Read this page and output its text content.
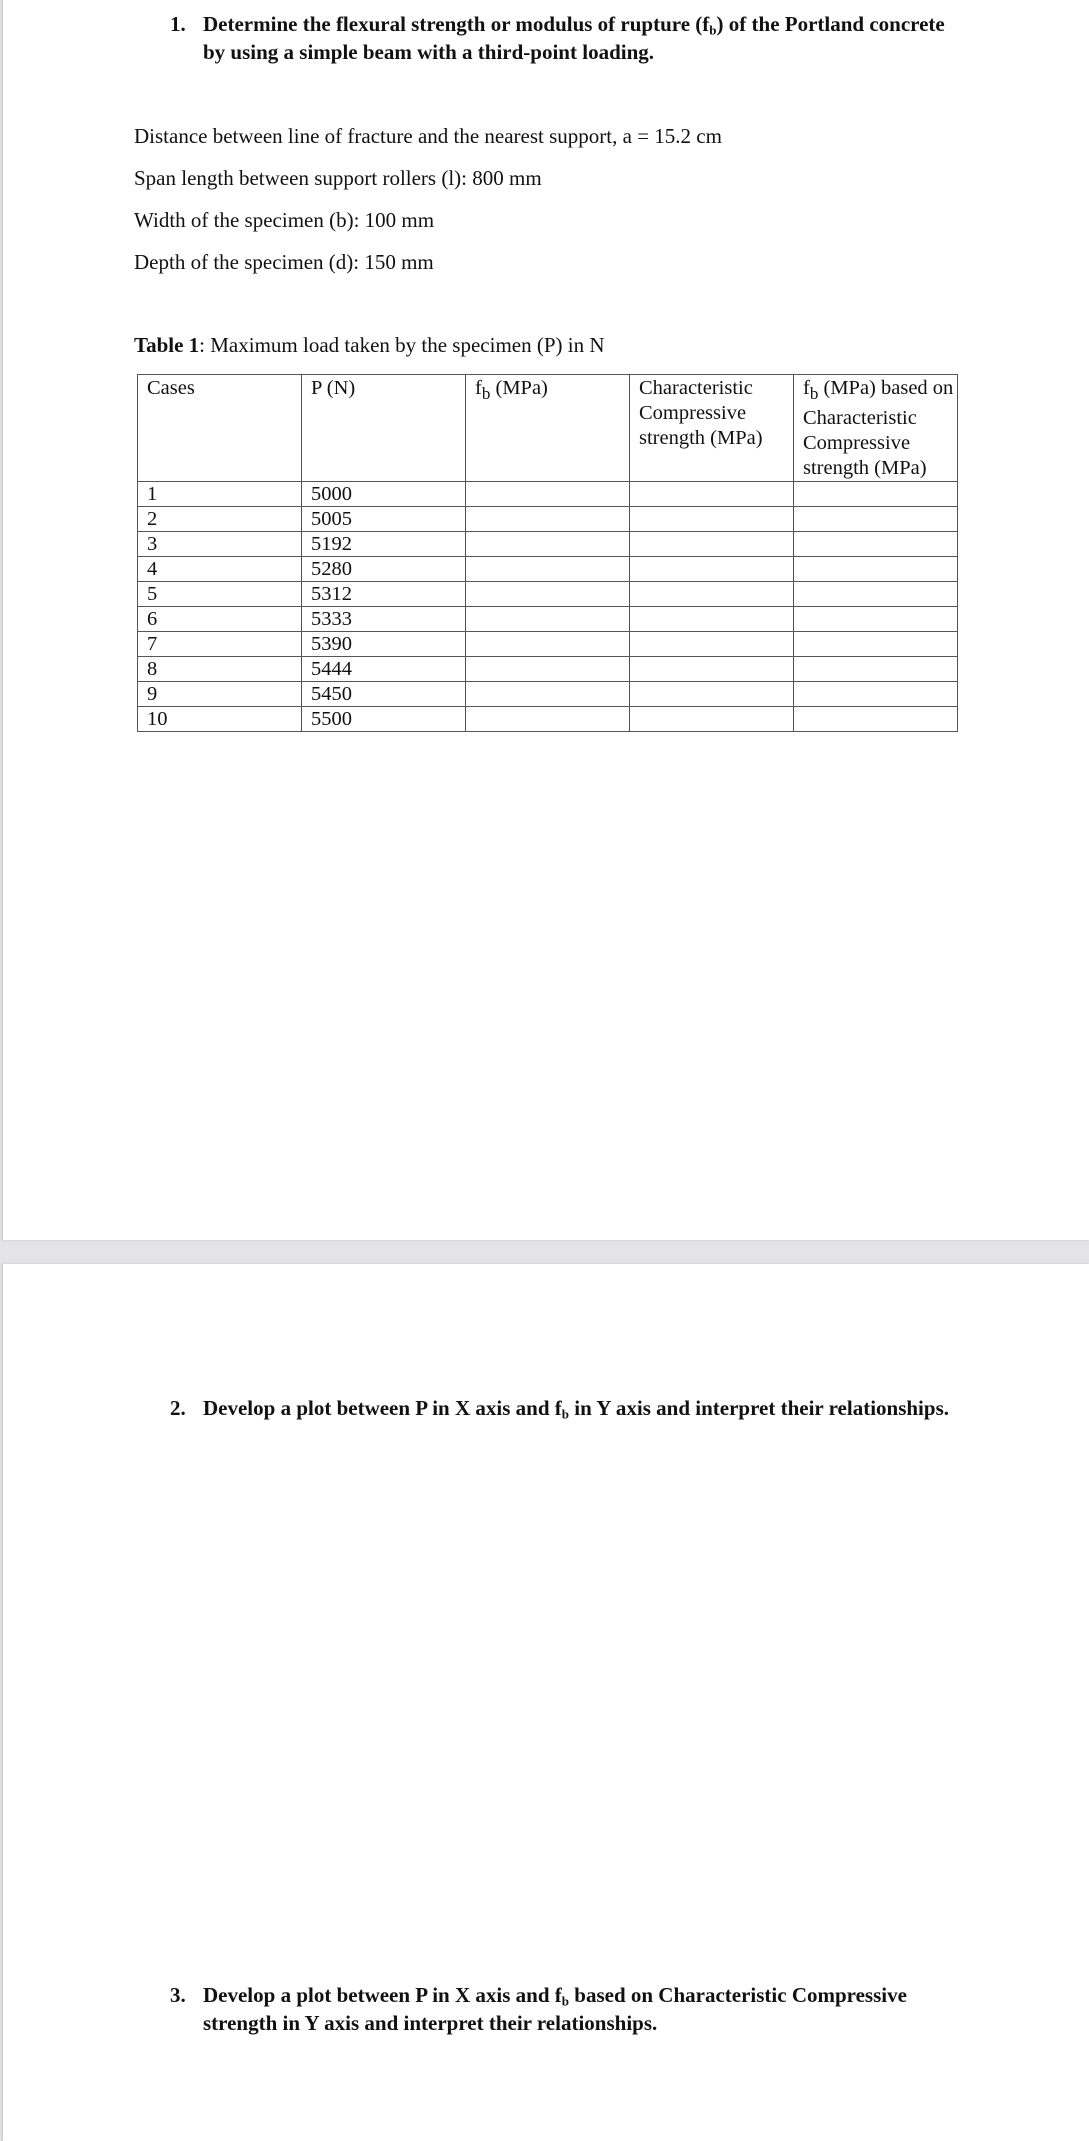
1. Determine the flexural strength or modulus of rupture $(f_b)$ of the Portland concrete
by using a simple beam with a third-point loading.
Distance between line of fracture and the nearest support, a = 15.2 cm
Span length between support rollers (l): 800 mm
Width of the specimen (b): 100 mm
Depth of the specimen (d): 150 mm
Table 1: Maximum load taken by the specimen (P) in N
Cases	P (N)	$f_b$ (MPa)	Characteristic Compressive strength (MPa)	$f_b$ (MPa) based on Characteristic Compressive strength (MPa)
1	5000			
2	5005			
3	5192			
4	5280			
5	5312			
6	5333			
7	5390			
8	5444			
9	5450			
10	5500			
2. Develop a plot between P in X axis and $f_b$ in Y axis and interpret their relationships.
3. Develop a plot between P in X axis and $f_b$ based on Characteristic Compressive
strength in Y axis and interpret their relationships.
